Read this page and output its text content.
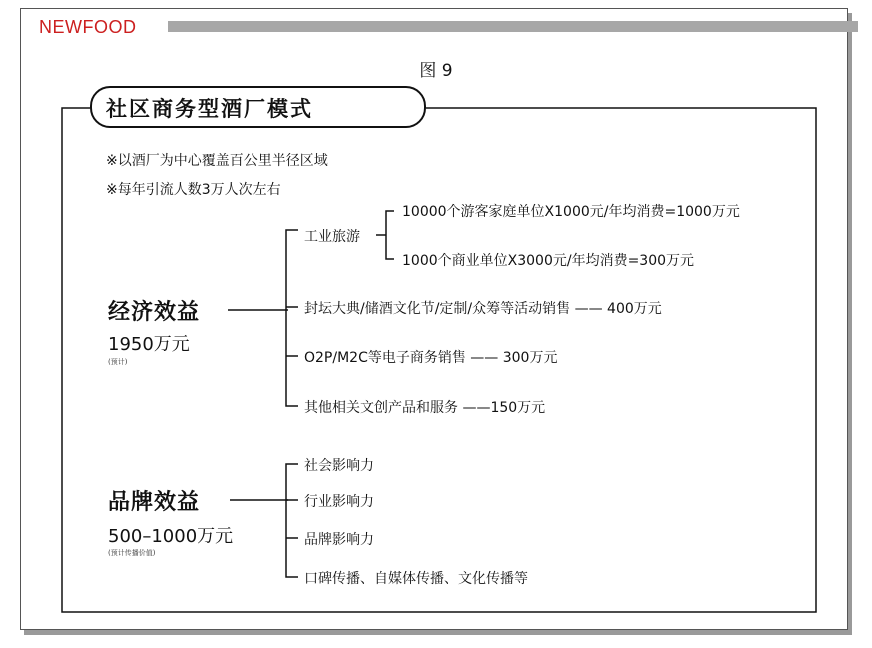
NEWFOOD
图 9
社区商务型酒厂模式
※以酒厂为中心覆盖百公里半径区域
※每年引流人数3万人次左右
经济效益
1950万元
(预计)
工业旅游
10000个游客家庭单位X1000元/年均消费=1000万元
1000个商业单位X3000元/年均消费=300万元
封坛大典/储酒文化节/定制/众筹等活动销售 —— 400万元
O2P/M2C等电子商务销售 —— 300万元
其他相关文创产品和服务 ——150万元
品牌效益
500–1000万元
(预计传播价值)
社会影响力
行业影响力
品牌影响力
口碑传播、自媒体传播、文化传播等
